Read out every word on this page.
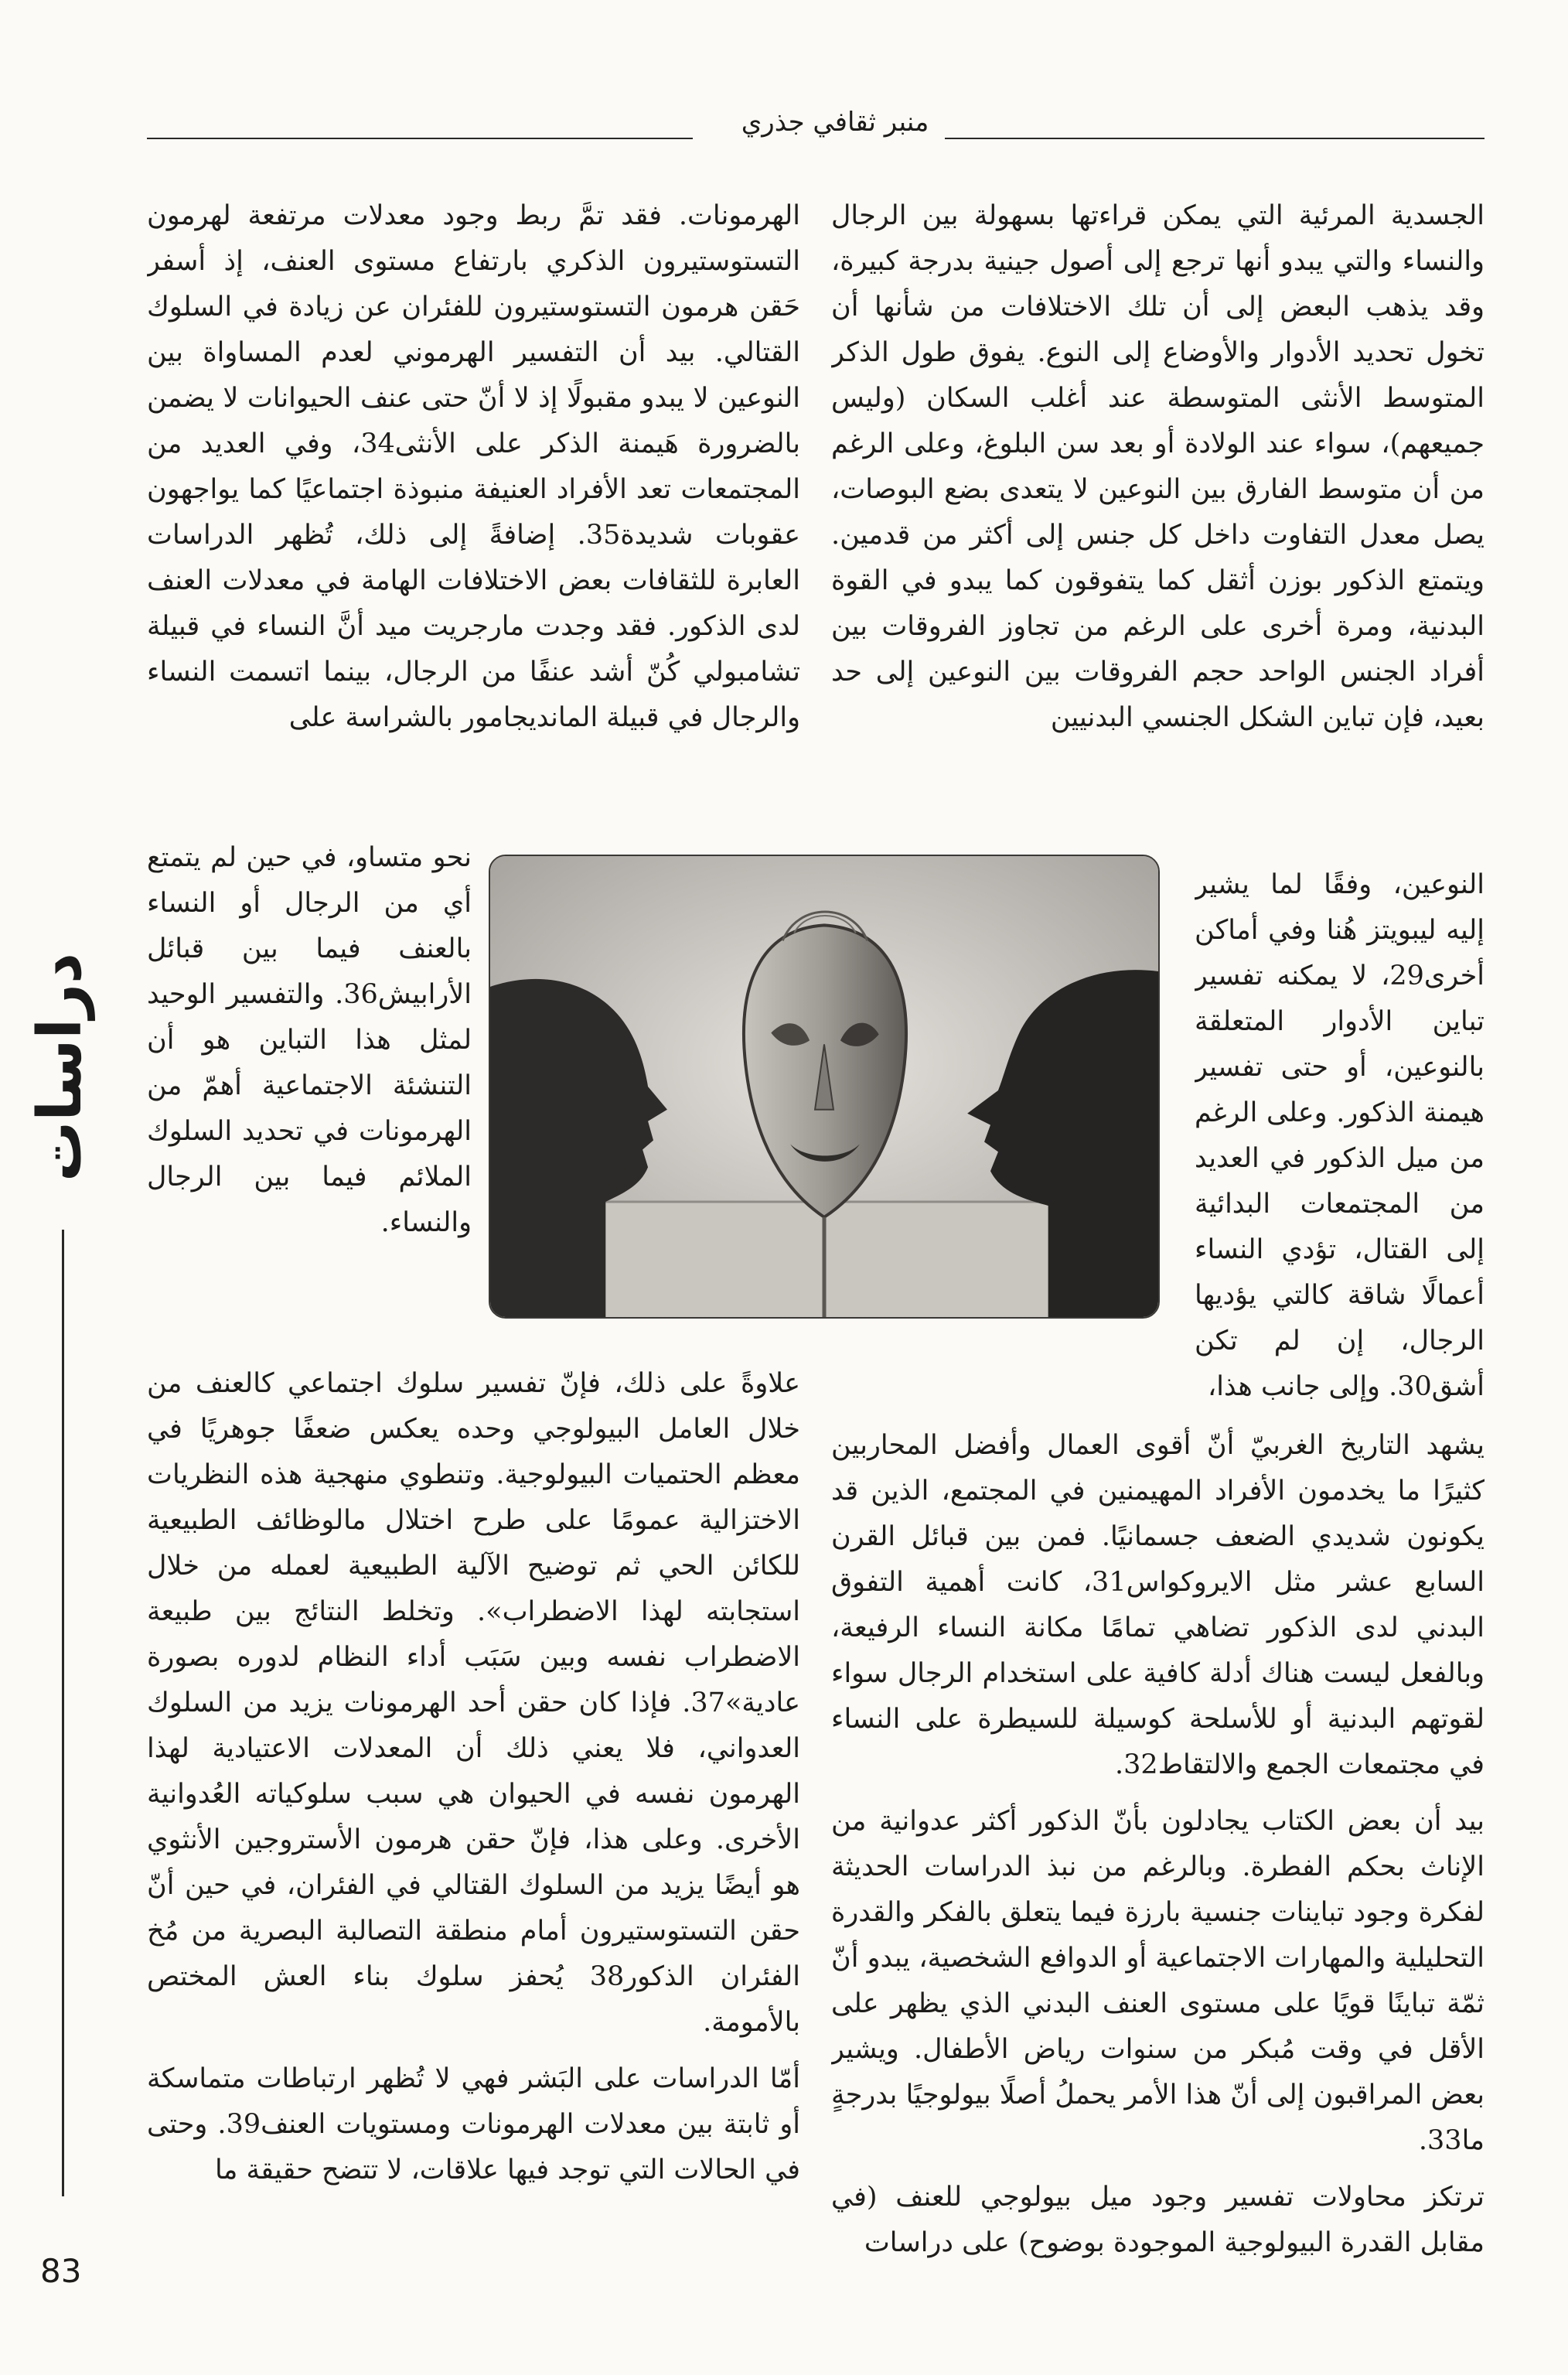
منبر ثقافي جذري
دراسات
83

الجسدية المرئية التي يمكن قراءتها بسهولة بين الرجال والنساء والتي يبدو أنها ترجع إلى أصول جينية بدرجة كبيرة، وقد يذهب البعض إلى أن تلك الاختلافات من شأنها أن تخول تحديد الأدوار والأوضاع إلى النوع. يفوق طول الذكر المتوسط الأنثى المتوسطة عند أغلب السكان (وليس جميعهم)، سواء عند الولادة أو بعد سن البلوغ، وعلى الرغم من أن متوسط الفارق بين النوعين لا يتعدى بضع البوصات، يصل معدل التفاوت داخل كل جنس إلى أكثر من قدمين. ويتمتع الذكور بوزن أثقل كما يتفوقون كما يبدو في القوة البدنية، ومرة أخرى على الرغم من تجاوز الفروقات بين أفراد الجنس الواحد حجم الفروقات بين النوعين إلى حد بعيد، فإن تباين الشكل الجنسي البدنيين

النوعين، وفقًا لما يشير إليه ليبويتز هُنا وفي أماكن أخرى29، لا يمكنه تفسير تباين الأدوار المتعلقة بالنوعين، أو حتى تفسير هيمنة الذكور. وعلى الرغم من ميل الذكور في العديد من المجتمعات البدائية إلى القتال، تؤدي النساء أعمالًا شاقة كالتي يؤديها الرجال، إن لم تكن أشق30. وإلى جانب هذا،

يشهد التاريخ الغربيّ أنّ أقوى العمال وأفضل المحاربين كثيرًا ما يخدمون الأفراد المهيمنين في المجتمع، الذين قد يكونون شديدي الضعف جسمانيًا. فمن بين قبائل القرن السابع عشر مثل الايروكواس31، كانت أهمية التفوق البدني لدى الذكور تضاهي تمامًا مكانة النساء الرفيعة، وبالفعل ليست هناك أدلة كافية على استخدام الرجال سواء لقوتهم البدنية أو للأسلحة كوسيلة للسيطرة على النساء في مجتمعات الجمع والالتقاط32.

بيد أن بعض الكتاب يجادلون بأنّ الذكور أكثر عدوانية من الإناث بحكم الفطرة. وبالرغم من نبذ الدراسات الحديثة لفكرة وجود تباينات جنسية بارزة فيما يتعلق بالفكر والقدرة التحليلية والمهارات الاجتماعية أو الدوافع الشخصية، يبدو أنّ ثمّة تباينًا قويًا على مستوى العنف البدني الذي يظهر على الأقل في وقت مُبكر من سنوات رياض الأطفال. ويشير بعض المراقبون إلى أنّ هذا الأمر يحملُ أصلًا بيولوجيًا بدرجةٍ ما33.

ترتكز محاولات تفسير وجود ميل بيولوجي للعنف (في مقابل القدرة البيولوجية الموجودة بوضوح) على دراسات

الهرمونات. فقد تمَّ ربط وجود معدلات مرتفعة لهرمون التستوستيرون الذكري بارتفاع مستوى العنف، إذ أسفر حَقن هرمون التستوستيرون للفئران عن زيادة في السلوك القتالي. بيد أن التفسير الهرموني لعدم المساواة بين النوعين لا يبدو مقبولًا إذ لا أنّ حتى عنف الحيوانات لا يضمن بالضرورة هَيمنة الذكر على الأنثى34، وفي العديد من المجتمعات تعد الأفراد العنيفة منبوذة اجتماعيًا كما يواجهون عقوبات شديدة35. إضافةً إلى ذلك، تُظهر الدراسات العابرة للثقافات بعض الاختلافات الهامة في معدلات العنف لدى الذكور. فقد وجدت مارجريت ميد أنَّ النساء في قبيلة تشامبولي كُنّ أشد عنفًا من الرجال، بينما اتسمت النساء والرجال في قبيلة الماندیجامور بالشراسة على

نحو متساو، في حين لم يتمتع أي من الرجال أو النساء بالعنف فيما بين قبائل الأرابيش36. والتفسير الوحيد لمثل هذا التباين هو أن التنشئة الاجتماعية أهمّ من الهرمونات في تحديد السلوك الملائم فيما بين الرجال والنساء.

علاوةً على ذلك، فإنّ تفسير سلوك اجتماعي كالعنف من خلال العامل البيولوجي وحده يعكس ضعفًا جوهريًا في معظم الحتميات البيولوجية. وتنطوي منهجية هذه النظريات الاختزالية عمومًا على طرح اختلال مالوظائف الطبيعية للكائن الحي ثم توضيح الآلية الطبيعية لعمله من خلال استجابته لهذا الاضطراب». وتخلط النتائج بين طبيعة الاضطراب نفسه وبين سَبَب أداء النظام لدوره بصورة عادية»37. فإذا كان حقن أحد الهرمونات يزيد من السلوك العدواني، فلا يعني ذلك أن المعدلات الاعتيادية لهذا الهرمون نفسه في الحيوان هي سبب سلوكياته العُدوانية الأخرى. وعلى هذا، فإنّ حقن هرمون الأستروجين الأنثوي هو أيضًا يزيد من السلوك القتالي في الفئران، في حين أنّ حقن التستوستيرون أمام منطقة التصالبة البصرية من مُخ الفئران الذكور38 يُحفز سلوك بناء العش المختص بالأمومة.

أمّا الدراسات على البَشر فهي لا تُظهر ارتباطات متماسكة أو ثابتة بين معدلات الهرمونات ومستويات العنف39. وحتى في الحالات التي توجد فيها علاقات، لا تتضح حقيقة ما
